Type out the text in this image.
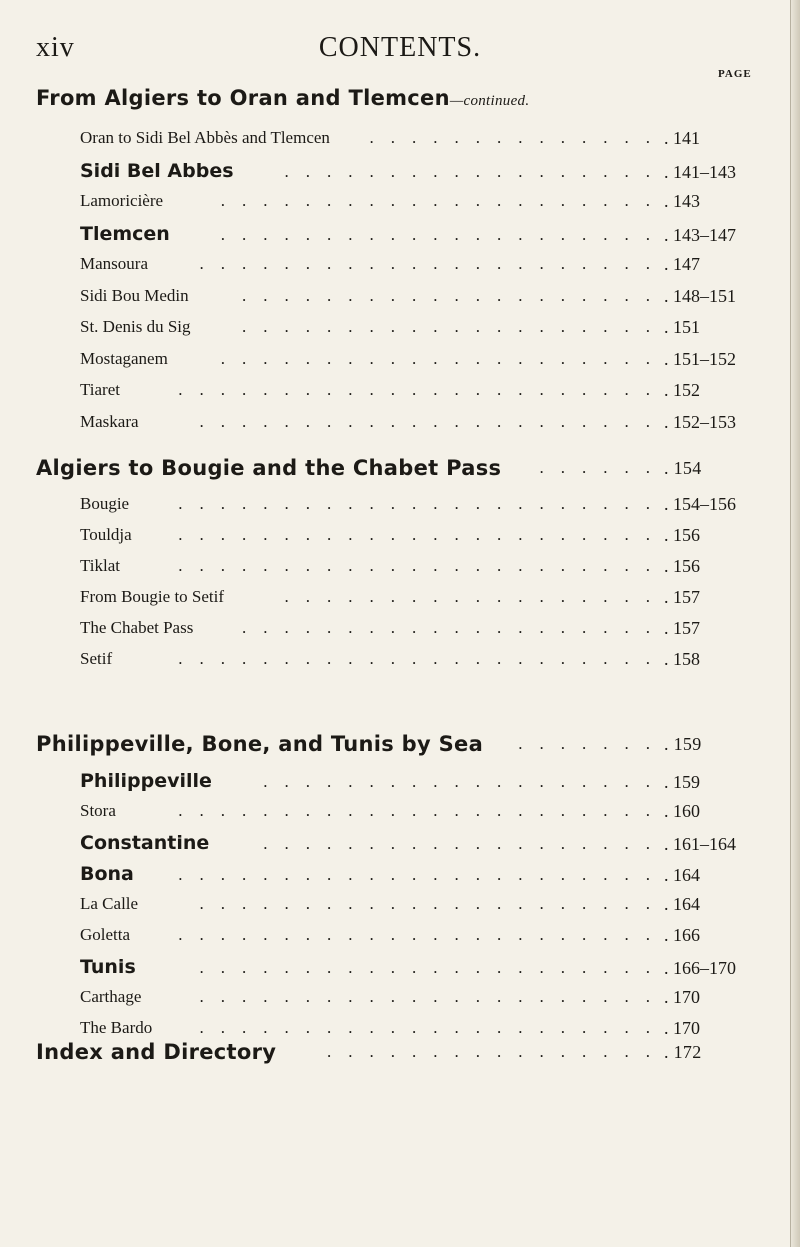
xiv	CONTENTS.
PAGE
From Algiers to Oran and Tlemcen—continued.
Oran to Sidi Bel Abbès and Tlemcen	.    .    .    .    .    .    .    .    .    .    .    .    .    . . 141
Sidi Bel Abbes	.    .    .    .    .    .    .    .    .    .    .    .    .    .    .    .    .    . . 141–143
Lamoricière	.    .    .    .    .    .    .    .    .    .    .    .    .    .    .    .    .    .    .    .    . . 143
Tlemcen	.    .    .    .    .    .    .    .    .    .    .    .    .    .    .    .    .    .    .    .    . . 143–147
Mansoura	.    .    .    .    .    .    .    .    .    .    .    .    .    .    .    .    .    .    .    .    .    . . 147
Sidi Bou Medin	.    .    .    .    .    .    .    .    .    .    .    .    .    .    .    .    .    .    .    . . 148–151
St. Denis du Sig	.    .    .    .    .    .    .    .    .    .    .    .    .    .    .    .    .    .    .    . . 151
Mostaganem	.    .    .    .    .    .    .    .    .    .    .    .    .    .    .    .    .    .    .    .    . . 151–152
Tiaret	.    .    .    .    .    .    .    .    .    .    .    .    .    .    .    .    .    .    .    .    .    .    . . 152
Maskara	.    .    .    .    .    .    .    .    .    .    .    .    .    .    .    .    .    .    .    .    .    . . 152–153
Algiers to Bougie and the Chabet Pass	.    .    .    .    .    . . 154
Bougie	.    .    .    .    .    .    .    .    .    .    .    .    .    .    .    .    .    .    .    .    .    .    . . 154–156
Touldja	.    .    .    .    .    .    .    .    .    .    .    .    .    .    .    .    .    .    .    .    .    .    . . 156
Tiklat	.    .    .    .    .    .    .    .    .    .    .    .    .    .    .    .    .    .    .    .    .    .    . . 156
From Bougie to Setif	.    .    .    .    .    .    .    .    .    .    .    .    .    .    .    .    .    . . 157
The Chabet Pass	.    .    .    .    .    .    .    .    .    .    .    .    .    .    .    .    .    .    .    . . 157
Setif	.    .    .    .    .    .    .    .    .    .    .    .    .    .    .    .    .    .    .    .    .    .    . . 158
Philippeville, Bone, and Tunis by Sea	.    .    .    .    .    .    . . 159
Philippeville	.    .    .    .    .    .    .    .    .    .    .    .    .    .    .    .    .    .    . . 159
Stora	.    .    .    .    .    .    .    .    .    .    .    .    .    .    .    .    .    .    .    .    .    .    . . 160
Constantine	.    .    .    .    .    .    .    .    .    .    .    .    .    .    .    .    .    .    . . 161–164
Bona	.    .    .    .    .    .    .    .    .    .    .    .    .    .    .    .    .    .    .    .    .    .    . . 164
La Calle	.    .    .    .    .    .    .    .    .    .    .    .    .    .    .    .    .    .    .    .    .    . . 164
Goletta	.    .    .    .    .    .    .    .    .    .    .    .    .    .    .    .    .    .    .    .    .    .    . . 166
Tunis	.    .    .    .    .    .    .    .    .    .    .    .    .    .    .    .    .    .    .    .    .    . . 166–170
Carthage	.    .    .    .    .    .    .    .    .    .    .    .    .    .    .    .    .    .    .    .    .    . . 170
The Bardo	.    .    .    .    .    .    .    .    .    .    .    .    .    .    .    .    .    .    .    .    .    . . 170
Index and Directory	.    .    .    .    .    .    .    .    .    .    .    .    .    .    .    . . 172
